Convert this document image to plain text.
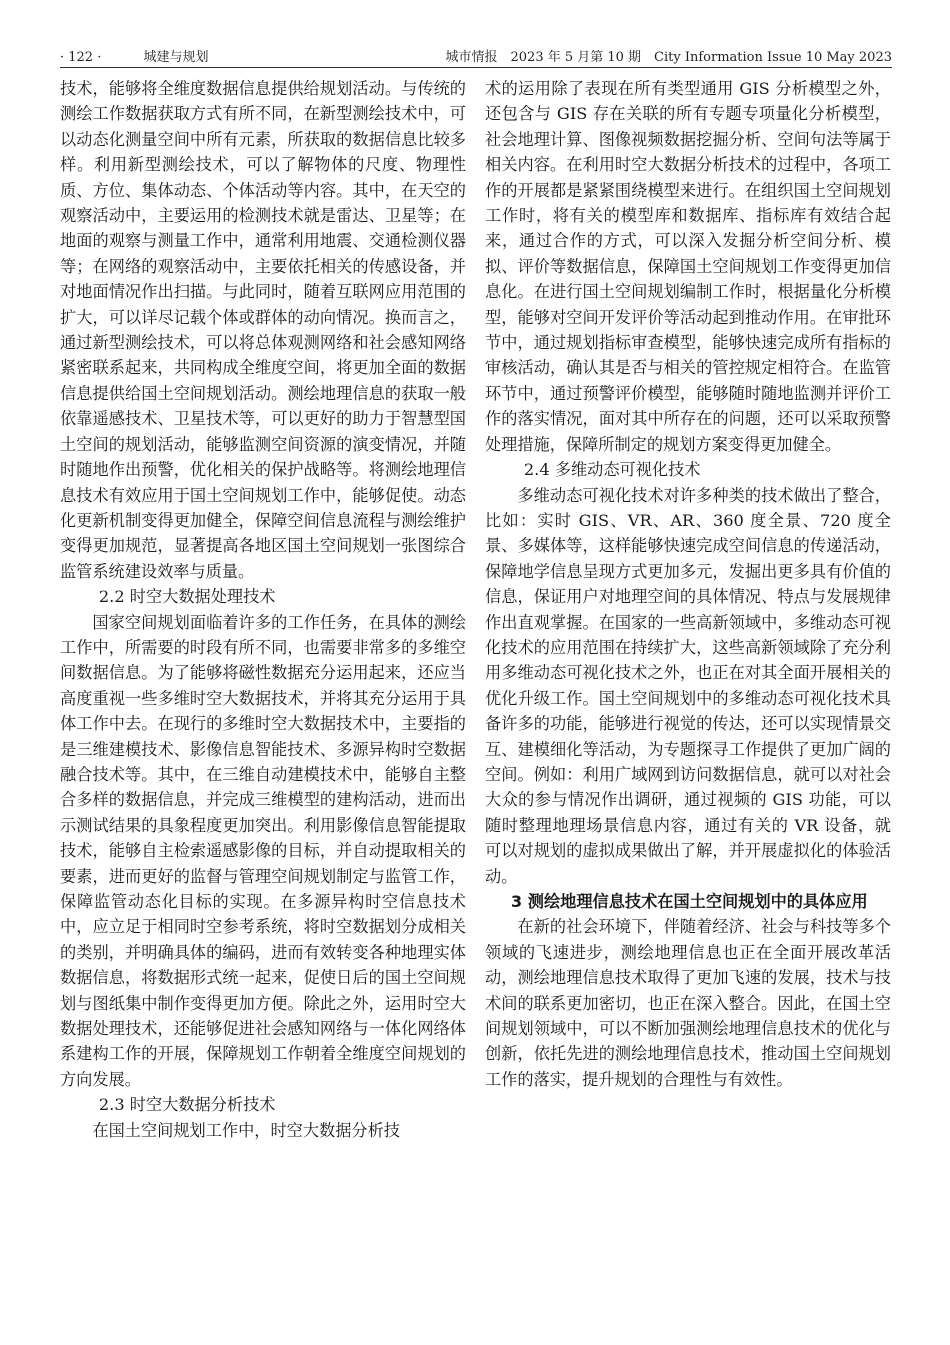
· 122 ·	城建与规划	城市情报　2023 年 5 月第 10 期　City Information Issue 10 May 2023

技术，能够将全维度数据信息提供给规划活动。与传统的测绘工作数据获取方式有所不同，在新型测绘技术中，可以动态化测量空间中所有元素，所获取的数据信息比较多样。利用新型测绘技术，可以了解物体的尺度、物理性质、方位、集体动态、个体活动等内容。其中，在天空的观察活动中，主要运用的检测技术就是雷达、卫星等；在地面的观察与测量工作中，通常利用地震、交通检测仪器等；在网络的观察活动中，主要依托相关的传感设备，并对地面情况作出扫描。与此同时，随着互联网应用范围的扩大，可以详尽记载个体或群体的动向情况。换而言之，通过新型测绘技术，可以将总体观测网络和社会感知网络紧密联系起来，共同构成全维度空间，将更加全面的数据信息提供给国土空间规划活动。测绘地理信息的获取一般依靠遥感技术、卫星技术等，可以更好的助力于智慧型国土空间的规划活动，能够监测空间资源的演变情况，并随时随地作出预警，优化相关的保护战略等。将测绘地理信息技术有效应用于国土空间规划工作中，能够促使。动态化更新机制变得更加健全，保障空间信息流程与测绘维护变得更加规范，显著提高各地区国土空间规划一张图综合监管系统建设效率与质量。

2.2 时空大数据处理技术

国家空间规划面临着许多的工作任务，在具体的测绘工作中，所需要的时段有所不同，也需要非常多的多维空间数据信息。为了能够将磁性数据充分运用起来，还应当高度重视一些多维时空大数据技术，并将其充分运用于具体工作中去。在现行的多维时空大数据技术中，主要指的是三维建模技术、影像信息智能技术、多源异构时空数据融合技术等。其中，在三维自动建模技术中，能够自主整合多样的数据信息，并完成三维模型的建构活动，进而出示测试结果的具象程度更加突出。利用影像信息智能提取技术，能够自主检索遥感影像的目标，并自动提取相关的要素，进而更好的监督与管理空间规划制定与监管工作，保障监管动态化目标的实现。在多源异构时空信息技术中，应立足于相同时空参考系统，将时空数据划分成相关的类别，并明确具体的编码，进而有效转变各种地理实体数据信息，将数据形式统一起来，促使日后的国土空间规划与图纸集中制作变得更加方便。除此之外，运用时空大数据处理技术，还能够促进社会感知网络与一体化网络体系建构工作的开展，保障规划工作朝着全维度空间规划的方向发展。

2.3 时空大数据分析技术

在国土空间规划工作中，时空大数据分析技

术的运用除了表现在所有类型通用 GIS 分析模型之外，还包含与 GIS 存在关联的所有专题专项量化分析模型，社会地理计算、图像视频数据挖掘分析、空间句法等属于相关内容。在利用时空大数据分析技术的过程中，各项工作的开展都是紧紧围绕模型来进行。在组织国土空间规划工作时，将有关的模型库和数据库、指标库有效结合起来，通过合作的方式，可以深入发掘分析空间分析、模拟、评价等数据信息，保障国土空间规划工作变得更加信息化。在进行国土空间规划编制工作时，根据量化分析模型，能够对空间开发评价等活动起到推动作用。在审批环节中，通过规划指标审查模型，能够快速完成所有指标的审核活动，确认其是否与相关的管控规定相符合。在监管环节中，通过预警评价模型，能够随时随地监测并评价工作的落实情况，面对其中所存在的问题，还可以采取预警处理措施，保障所制定的规划方案变得更加健全。

2.4 多维动态可视化技术

多维动态可视化技术对许多种类的技术做出了整合，比如：实时 GIS、VR、AR、360 度全景、720 度全景、多媒体等，这样能够快速完成空间信息的传递活动，保障地学信息呈现方式更加多元，发掘出更多具有价值的信息，保证用户对地理空间的具体情况、特点与发展规律作出直观掌握。在国家的一些高新领域中，多维动态可视化技术的应用范围在持续扩大，这些高新领域除了充分利用多维动态可视化技术之外，也正在对其全面开展相关的优化升级工作。国土空间规划中的多维动态可视化技术具备许多的功能，能够进行视觉的传达，还可以实现情景交互、建模细化等活动，为专题探寻工作提供了更加广阔的空间。例如：利用广域网到访问数据信息，就可以对社会大众的参与情况作出调研，通过视频的 GIS 功能，可以随时整理地理场景信息内容，通过有关的 VR 设备，就可以对规划的虚拟成果做出了解，并开展虚拟化的体验活动。

3 测绘地理信息技术在国土空间规划中的具体应用

在新的社会环境下，伴随着经济、社会与科技等多个领域的飞速进步，测绘地理信息也正在全面开展改革活动，测绘地理信息技术取得了更加飞速的发展，技术与技术间的联系更加密切，也正在深入整合。因此，在国土空间规划领域中，可以不断加强测绘地理信息技术的优化与创新，依托先进的测绘地理信息技术，推动国土空间规划工作的落实，提升规划的合理性与有效性。
